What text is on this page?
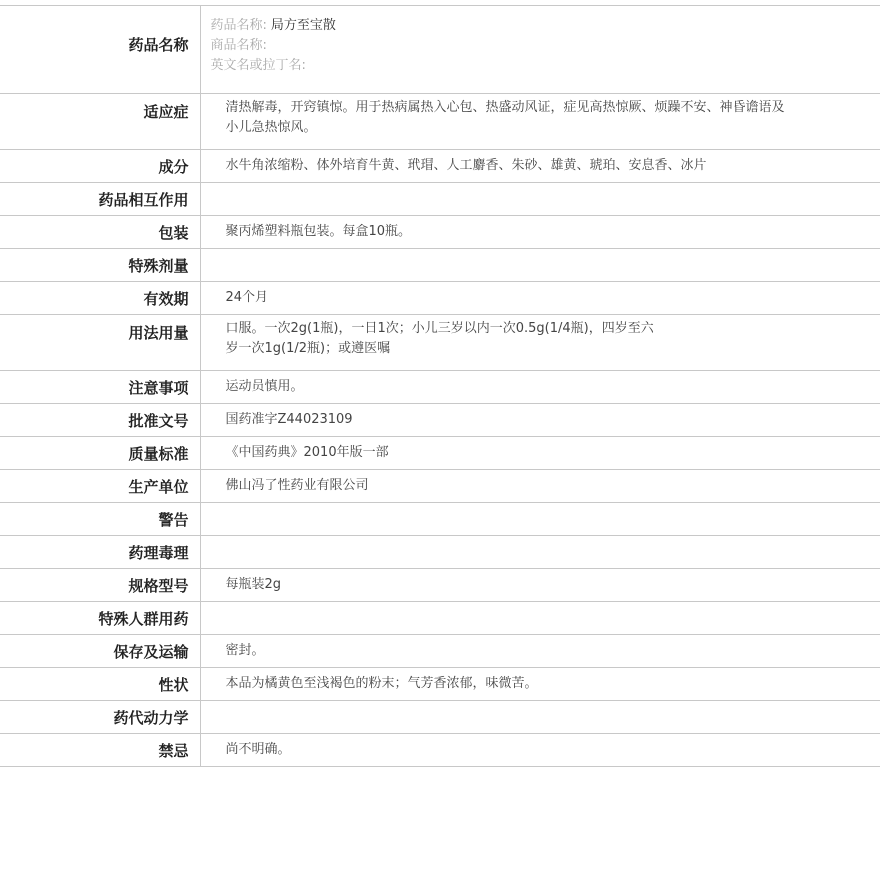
药品名称	药品名称: 局方至宝散
商品名称:
英文名或拉丁名:

适应症	清热解毒，开窍镇惊。用于热病属热入心包、热盛动风证，症见高热惊厥、烦躁不安、神昏谵语及小儿急热惊风。
成分	水牛角浓缩粉、体外培育牛黄、玳瑁、人工麝香、朱砂、雄黄、琥珀、安息香、冰片
药品相互作用	
包装	聚丙烯塑料瓶包装。每盒10瓶。
特殊剂量	
有效期	24个月
用法用量	口服。一次2g(1瓶)，一日1次；小儿三岁以内一次0.5g(1/4瓶)，四岁至六
岁一次1g(1/2瓶)；或遵医嘱

注意事项	运动员慎用。
批准文号	国药准字Z44023109
质量标准	《中国药典》2010年版一部
生产单位	佛山冯了性药业有限公司
警告	
药理毒理	
规格型号	每瓶装2g
特殊人群用药	
保存及运输	密封。
性状	本品为橘黄色至浅褐色的粉末；气芳香浓郁，味微苦。
药代动力学	
禁忌	尚不明确。
